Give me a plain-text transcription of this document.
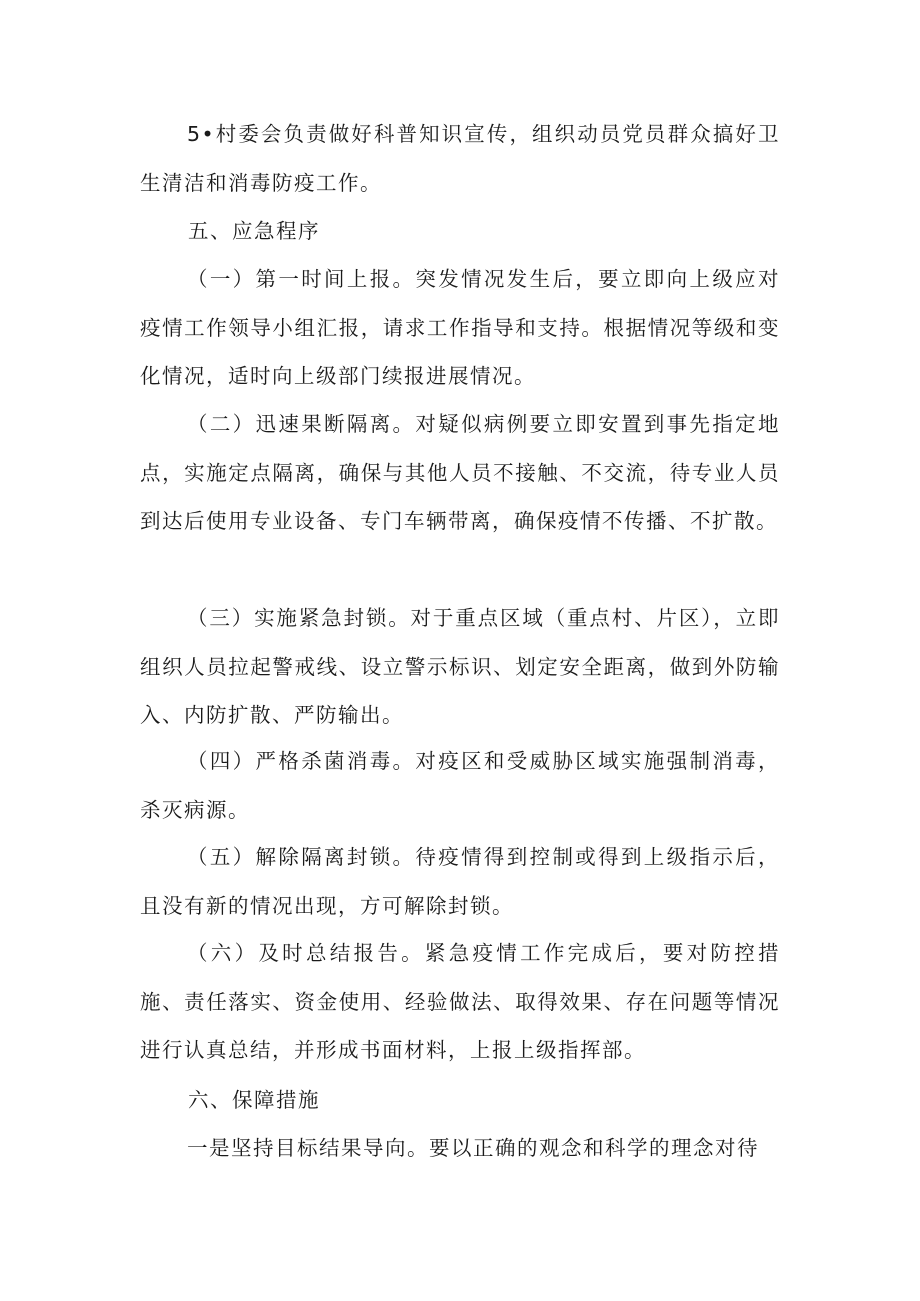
5•村委会负责做好科普知识宣传，组织动员党员群众搞好卫生清洁和消毒防疫工作。

五、应急程序

（一）第一时间上报。突发情况发生后，要立即向上级应对疫情工作领导小组汇报，请求工作指导和支持。根据情况等级和变化情况，适时向上级部门续报进展情况。

（二）迅速果断隔离。对疑似病例要立即安置到事先指定地点，实施定点隔离，确保与其他人员不接触、不交流，待专业人员到达后使用专业设备、专门车辆带离，确保疫情不传播、不扩散。

（三）实施紧急封锁。对于重点区域（重点村、片区），立即组织人员拉起警戒线、设立警示标识、划定安全距离，做到外防输入、内防扩散、严防输出。

（四）严格杀菌消毒。对疫区和受威胁区域实施强制消毒，杀灭病源。

（五）解除隔离封锁。待疫情得到控制或得到上级指示后，且没有新的情况出现，方可解除封锁。

（六）及时总结报告。紧急疫情工作完成后，要对防控措施、责任落实、资金使用、经验做法、取得效果、存在问题等情况进行认真总结，并形成书面材料，上报上级指挥部。

六、保障措施

一是坚持目标结果导向。要以正确的观念和科学的理念对待
